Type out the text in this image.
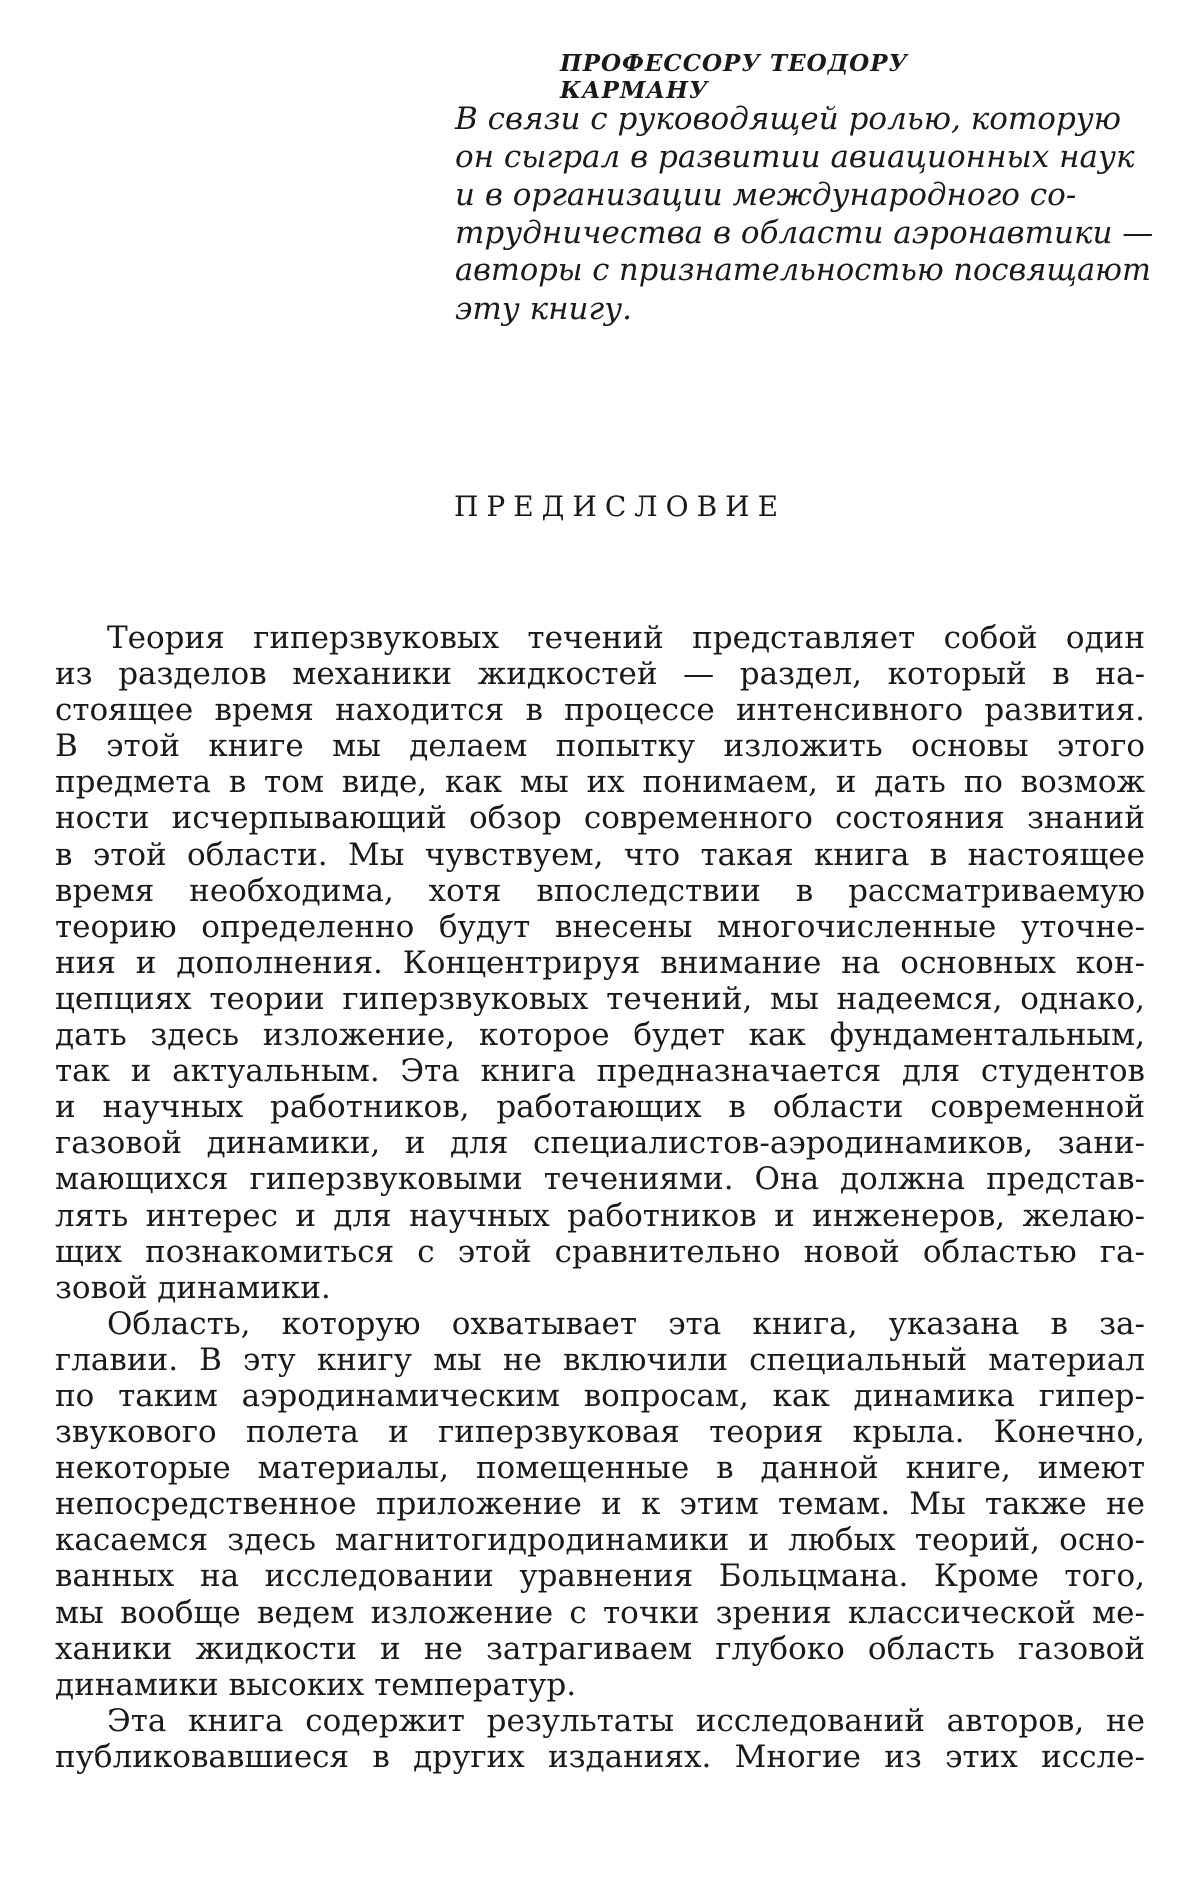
ПРОФЕССОРУ ТЕОДОРУ КАРМАНУ
В связи с руководящей ролью, которую
он сыграл в развитии авиационных наук
и в организации международного со-
трудничества в области аэронавтики —
авторы с признательностью посвящают
эту книгу.
ПРЕДИСЛОВИЕ
Теория гиперзвуковых течений представляет собой один
из разделов механики жидкостей — раздел, который в на-
стоящее время находится в процессе интенсивного развития.
В этой книге мы делаем попытку изложить основы этого
предмета в том виде, как мы их понимаем, и дать по возмож
ности исчерпывающий обзор современного состояния знаний
в этой области. Мы чувствуем, что такая книга в настоящее
время необходима, хотя впоследствии в рассматриваемую
теорию определенно будут внесены многочисленные уточне-
ния и дополнения. Концентрируя внимание на основных кон-
цепциях теории гиперзвуковых течений, мы надеемся, однако,
дать здесь изложение, которое будет как фундаментальным,
так и актуальным. Эта книга предназначается для студентов
и научных работников, работающих в области современной
газовой динамики, и для специалистов-аэродинамиков, зани-
мающихся гиперзвуковыми течениями. Она должна представ-
лять интерес и для научных работников и инженеров, желаю-
щих познакомиться с этой сравнительно новой областью га-
зовой динамики.
Область, которую охватывает эта книга, указана в за-
главии. В эту книгу мы не включили специальный материал
по таким аэродинамическим вопросам, как динамика гипер-
звукового полета и гиперзвуковая теория крыла. Конечно,
некоторые материалы, помещенные в данной книге, имеют
непосредственное приложение и к этим темам. Мы также не
касаемся здесь магнитогидродинамики и любых теорий, осно-
ванных на исследовании уравнения Больцмана. Кроме того,
мы вообще ведем изложение с точки зрения классической ме-
ханики жидкости и не затрагиваем глубоко область газовой
динамики высоких температур.
Эта книга содержит результаты исследований авторов, не
публиковавшиеся в других изданиях. Многие из этих иссле-
